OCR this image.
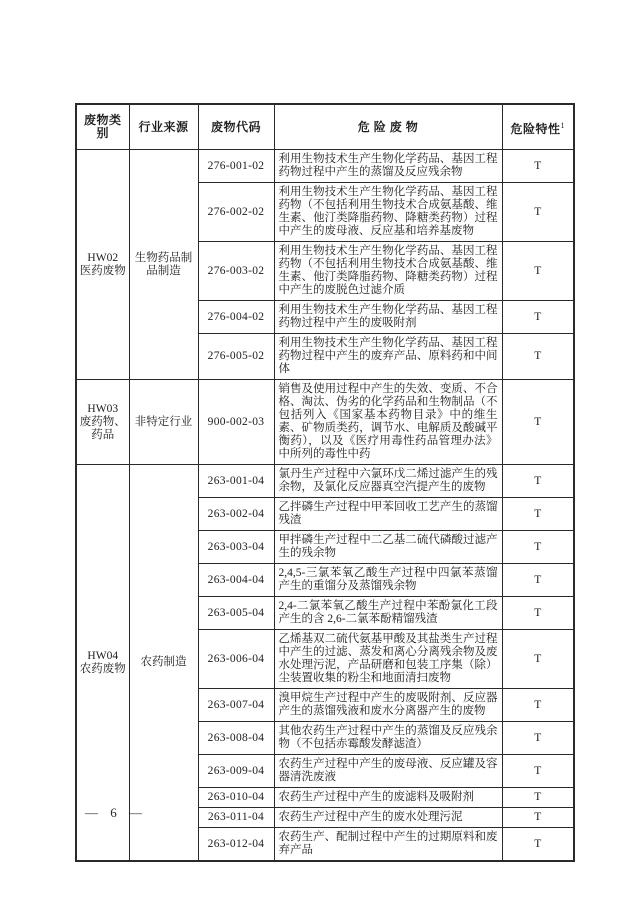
废物类别	行业来源	废物代码	危 险 废 物	危险特性$^1$

HW02
医药废物	生物药品制品制造	276-001-02	利用生物技术生产生物化学药品、基因工程药物过程中产生的蒸馏及反应残余物	T
		276-002-02	利用生物技术生产生物化学药品、基因工程药物（不包括利用生物技术合成氨基酸、维生素、他汀类降脂药物、降糖类药物）过程中产生的废母液、反应基和培养基废物	T
		276-003-02	利用生物技术生产生物化学药品、基因工程药物（不包括利用生物技术合成氨基酸、维生素、他汀类降脂药物、降糖类药物）过程中产生的废脱色过滤介质	T
		276-004-02	利用生物技术生产生物化学药品、基因工程药物过程中产生的废吸附剂	T
		276-005-02	利用生物技术生产生物化学药品、基因工程药物过程中产生的废弃产品、原料药和中间体	T

HW03
废药物、药品	非特定行业	900-002-03	销售及使用过程中产生的失效、变质、不合格、淘汰、伪劣的化学药品和生物制品（不包括列入《国家基本药物目录》中的维生素、矿物质类药，调节水、电解质及酸碱平衡药），以及《医疗用毒性药品管理办法》中所列的毒性中药	T

HW04
农药废物	农药制造	263-001-04	氯丹生产过程中六氯环戊二烯过滤产生的残余物，及氯化反应器真空汽提产生的废物	T
		263-002-04	乙拌磷生产过程中甲苯回收工艺产生的蒸馏残渣	T
		263-003-04	甲拌磷生产过程中二乙基二硫代磷酸过滤产生的残余物	T
		263-004-04	2,4,5-三氯苯氧乙酸生产过程中四氯苯蒸馏产生的重馏分及蒸馏残余物	T
		263-005-04	2,4-二氯苯氧乙酸生产过程中苯酚氯化工段产生的含 2,6-二氯苯酚精馏残渣	T
		263-006-04	乙烯基双二硫代氨基甲酸及其盐类生产过程中产生的过滤、蒸发和离心分离残余物及废水处理污泥，产品研磨和包装工序集（除）尘装置收集的粉尘和地面清扫废物	T
		263-007-04	溴甲烷生产过程中产生的废吸附剂、反应器产生的蒸馏残液和废水分离器产生的废物	T
		263-008-04	其他农药生产过程中产生的蒸馏及反应残余物（不包括赤霉酸发酵滤渣）	T
		263-009-04	农药生产过程中产生的废母液、反应罐及容器清洗废液	T
		263-010-04	农药生产过程中产生的废滤料及吸附剂	T
		263-011-04	农药生产过程中产生的废水处理污泥	T
		263-012-04	农药生产、配制过程中产生的过期原料和废弃产品	T
— 6 —
